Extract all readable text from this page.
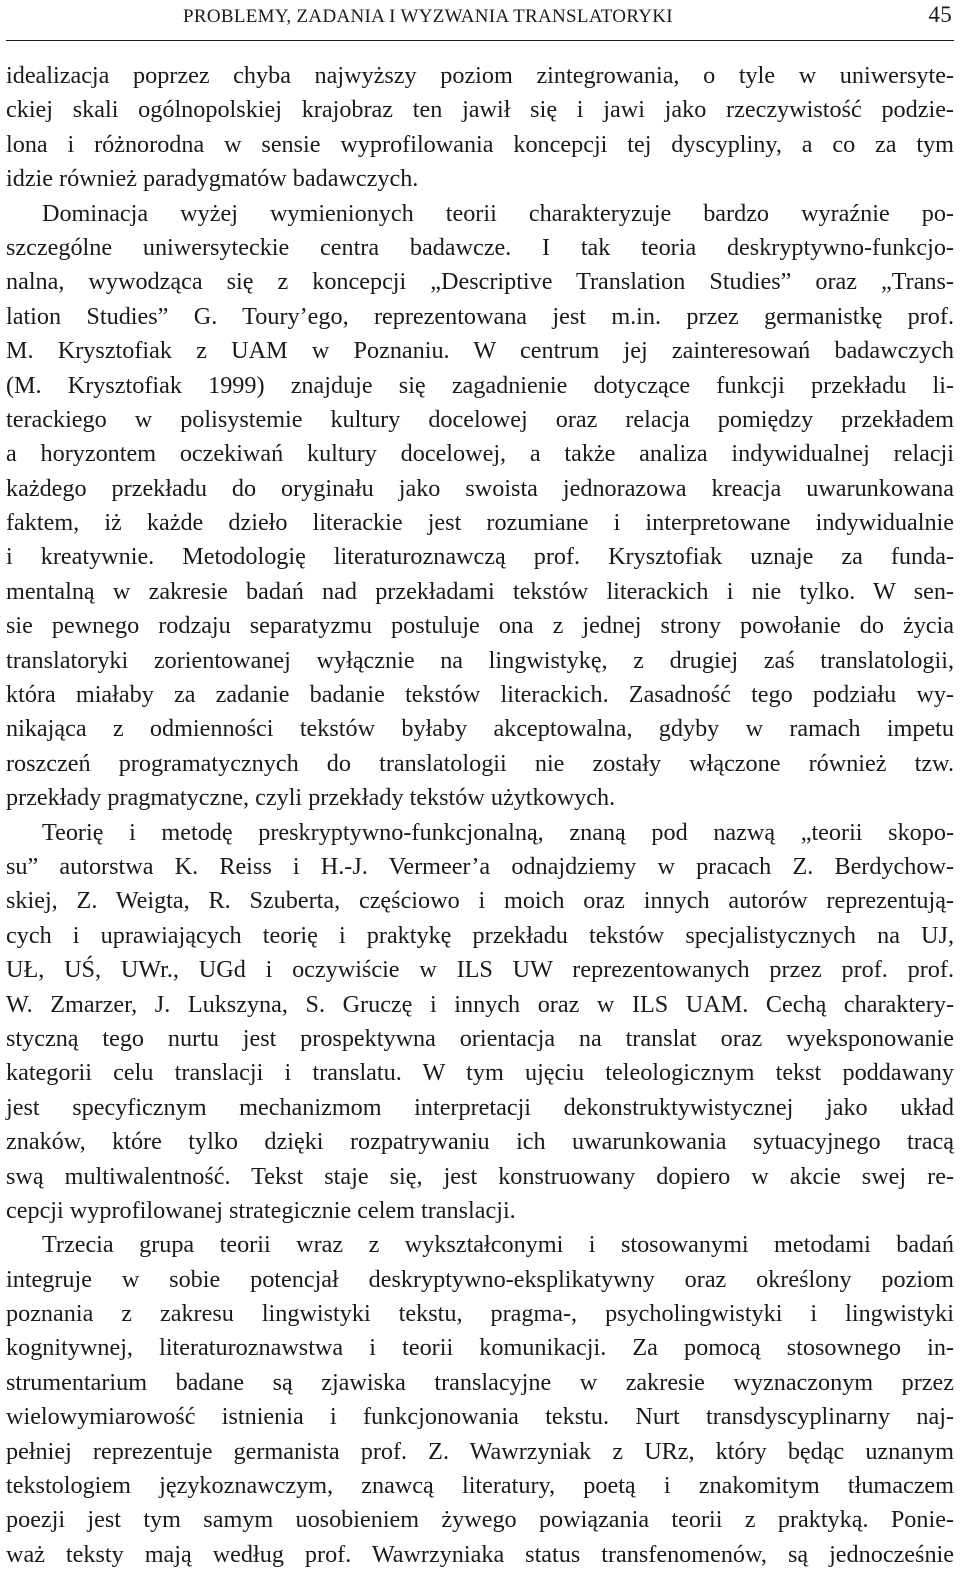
PROBLEMY, ZADANIA I WYZWANIA TRANSLATORYKI	45
idealizacja poprzez chyba najwyższy poziom zintegrowania, o tyle w uniwersyte-
ckiej skali ogólnopolskiej krajobraz ten jawił się i jawi jako rzeczywistość podzie-
lona i różnorodna w sensie wyprofilowania koncepcji tej dyscypliny, a co za tym
idzie również paradygmatów badawczych.
Dominacja wyżej wymienionych teorii charakteryzuje bardzo wyraźnie po-
szczególne uniwersyteckie centra badawcze. I tak teoria deskryptywno-funkcjo-
nalna, wywodząca się z koncepcji „Descriptive Translation Studies” oraz „Trans-
lation Studies” G. Toury’ego, reprezentowana jest m.in. przez germanistkę prof.
M. Krysztofiak z UAM w Poznaniu. W centrum jej zainteresowań badawczych
(M. Krysztofiak 1999) znajduje się zagadnienie dotyczące funkcji przekładu li-
terackiego w polisystemie kultury docelowej oraz relacja pomiędzy przekładem
a horyzontem oczekiwań kultury docelowej, a także analiza indywidualnej relacji
każdego przekładu do oryginału jako swoista jednorazowa kreacja uwarunkowana
faktem, iż każde dzieło literackie jest rozumiane i interpretowane indywidualnie
i kreatywnie. Metodologię literaturoznawczą prof. Krysztofiak uznaje za funda-
mentalną w zakresie badań nad przekładami tekstów literackich i nie tylko. W sen-
sie pewnego rodzaju separatyzmu postuluje ona z jednej strony powołanie do życia
translatoryki zorientowanej wyłącznie na lingwistykę, z drugiej zaś translatologii,
która miałaby za zadanie badanie tekstów literackich. Zasadność tego podziału wy-
nikająca z odmienności tekstów byłaby akceptowalna, gdyby w ramach impetu
roszczeń programatycznych do translatologii nie zostały włączone również tzw.
przekłady pragmatyczne, czyli przekłady tekstów użytkowych.
Teorię i metodę preskryptywno-funkcjonalną, znaną pod nazwą „teorii skopo-
su” autorstwa K. Reiss i H.-J. Vermeer’a odnajdziemy w pracach Z. Berdychow-
skiej, Z. Weigta, R. Szuberta, częściowo i moich oraz innych autorów reprezentują-
cych i uprawiających teorię i praktykę przekładu tekstów specjalistycznych na UJ,
UŁ, UŚ, UWr., UGd i oczywiście w ILS UW reprezentowanych przez prof. prof.
W. Zmarzer, J. Lukszyna, S. Gruczę i innych oraz w ILS UAM. Cechą charaktery-
styczną tego nurtu jest prospektywna orientacja na translat oraz wyeksponowanie
kategorii celu translacji i translatu. W tym ujęciu teleologicznym tekst poddawany
jest specyficznym mechanizmom interpretacji dekonstruktywistycznej jako układ
znaków, które tylko dzięki rozpatrywaniu ich uwarunkowania sytuacyjnego tracą
swą multiwalentność. Tekst staje się, jest konstruowany dopiero w akcie swej re-
cepcji wyprofilowanej strategicznie celem translacji.
Trzecia grupa teorii wraz z wykształconymi i stosowanymi metodami badań
integruje w sobie potencjał deskryptywno-eksplikatywny oraz określony poziom
poznania z zakresu lingwistyki tekstu, pragma-, psycholingwistyki i lingwistyki
kognitywnej, literaturoznawstwa i teorii komunikacji. Za pomocą stosownego in-
strumentarium badane są zjawiska translacyjne w zakresie wyznaczonym przez
wielowymiarowość istnienia i funkcjonowania tekstu. Nurt transdyscyplinarny naj-
pełniej reprezentuje germanista prof. Z. Wawrzyniak z URz, który będąc uznanym
tekstologiem językoznawczym, znawcą literatury, poetą i znakomitym tłumaczem
poezji jest tym samym uosobieniem żywego powiązania teorii z praktyką. Ponie-
waż teksty mają według prof. Wawrzyniaka status transfenomenów, są jednocześnie
